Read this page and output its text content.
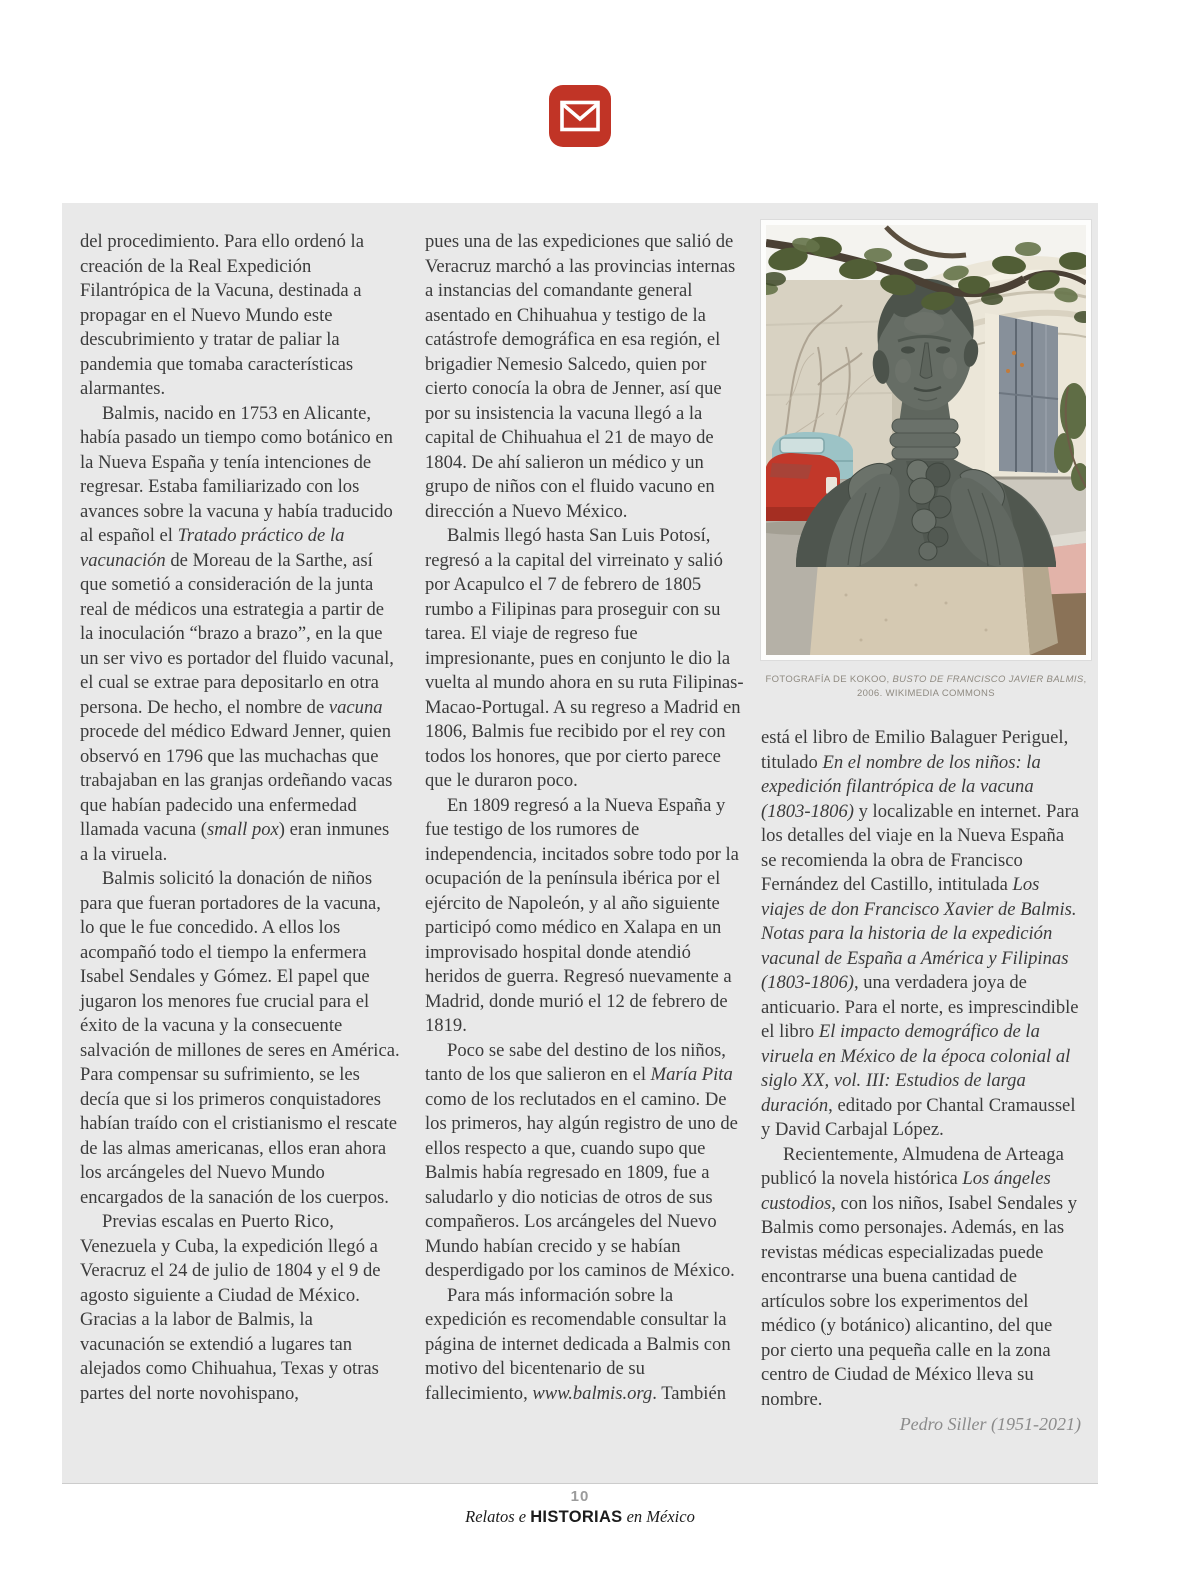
del procedimiento. Para ello ordenó la creación de la Real Expedición Filantrópica de la Vacuna, destinada a propagar en el Nuevo Mundo este descubrimiento y tratar de paliar la pandemia que tomaba características alarmantes.

Balmis, nacido en 1753 en Alicante, había pasado un tiempo como botánico en la Nueva España y tenía intenciones de regresar. Estaba familiarizado con los avances sobre la vacuna y había traducido al español el Tratado práctico de la vacunación de Moreau de la Sarthe, así que sometió a consideración de la junta real de médicos una estrategia a partir de la inoculación “brazo a brazo”, en la que un ser vivo es portador del fluido vacunal, el cual se extrae para depositarlo en otra persona. De hecho, el nombre de vacuna procede del médico Edward Jenner, quien observó en 1796 que las muchachas que trabajaban en las granjas ordeñando vacas que habían padecido una enfermedad llamada vacuna (small pox) eran inmunes a la viruela.

Balmis solicitó la donación de niños para que fueran portadores de la vacuna, lo que le fue concedido. A ellos los acompañó todo el tiempo la enfermera Isabel Sendales y Gómez. El papel que jugaron los menores fue crucial para el éxito de la vacuna y la consecuente salvación de millones de seres en América. Para compensar su sufrimiento, se les decía que si los primeros conquistadores habían traído con el cristianismo el rescate de las almas americanas, ellos eran ahora los arcángeles del Nuevo Mundo encargados de la sanación de los cuerpos.

Previas escalas en Puerto Rico, Venezuela y Cuba, la expedición llegó a Veracruz el 24 de julio de 1804 y el 9 de agosto siguiente a Ciudad de México. Gracias a la labor de Balmis, la vacunación se extendió a lugares tan alejados como Chihuahua, Texas y otras partes del norte novohispano,

pues una de las expediciones que salió de Veracruz marchó a las provincias internas a instancias del comandante general asentado en Chihuahua y testigo de la catástrofe demográfica en esa región, el brigadier Nemesio Salcedo, quien por cierto conocía la obra de Jenner, así que por su insistencia la vacuna llegó a la capital de Chihuahua el 21 de mayo de 1804. De ahí salieron un médico y un grupo de niños con el fluido vacuno en dirección a Nuevo México.

Balmis llegó hasta San Luis Potosí, regresó a la capital del virreinato y salió por Acapulco el 7 de febrero de 1805 rumbo a Filipinas para proseguir con su tarea. El viaje de regreso fue impresionante, pues en conjunto le dio la vuelta al mundo ahora en su ruta Filipinas-Macao-Portugal. A su regreso a Madrid en 1806, Balmis fue recibido por el rey con todos los honores, que por cierto parece que le duraron poco.

En 1809 regresó a la Nueva España y fue testigo de los rumores de independencia, incitados sobre todo por la ocupación de la península ibérica por el ejército de Napoleón, y al año siguiente participó como médico en Xalapa en un improvisado hospital donde atendió heridos de guerra. Regresó nuevamente a Madrid, donde murió el 12 de febrero de 1819.

Poco se sabe del destino de los niños, tanto de los que salieron en el María Pita como de los reclutados en el camino. De los primeros, hay algún registro de uno de ellos respecto a que, cuando supo que Balmis había regresado en 1809, fue a saludarlo y dio noticias de otros de sus compañeros. Los arcángeles del Nuevo Mundo habían crecido y se habían desperdigado por los caminos de México.

Para más información sobre la expedición es recomendable consultar la página de internet dedicada a Balmis con motivo del bicentenario de su fallecimiento, www.balmis.org. También

FOTOGRAFÍA DE KOKOO, BUSTO DE FRANCISCO JAVIER BALMIS,
2006. WIKIMEDIA COMMONS

está el libro de Emilio Balaguer Periguel, titulado En el nombre de los niños: la expedición filantrópica de la vacuna (1803-1806) y localizable en internet. Para los detalles del viaje en la Nueva España se recomienda la obra de Francisco Fernández del Castillo, intitulada Los viajes de don Francisco Xavier de Balmis. Notas para la historia de la expedición vacunal de España a América y Filipinas (1803-1806), una verdadera joya de anticuario. Para el norte, es imprescindible el libro El impacto demográfico de la viruela en México de la época colonial al siglo XX, vol. III: Estudios de larga duración, editado por Chantal Cramaussel y David Carbajal López.

Recientemente, Almudena de Arteaga publicó la novela histórica Los ángeles custodios, con los niños, Isabel Sendales y Balmis como personajes. Además, en las revistas médicas especializadas puede encontrarse una buena cantidad de artículos sobre los experimentos del médico (y botánico) alicantino, del que por cierto una pequeña calle en la zona centro de Ciudad de México lleva su nombre.

Pedro Siller (1951-2021)
10
Relatos e HISTORIAS en México
